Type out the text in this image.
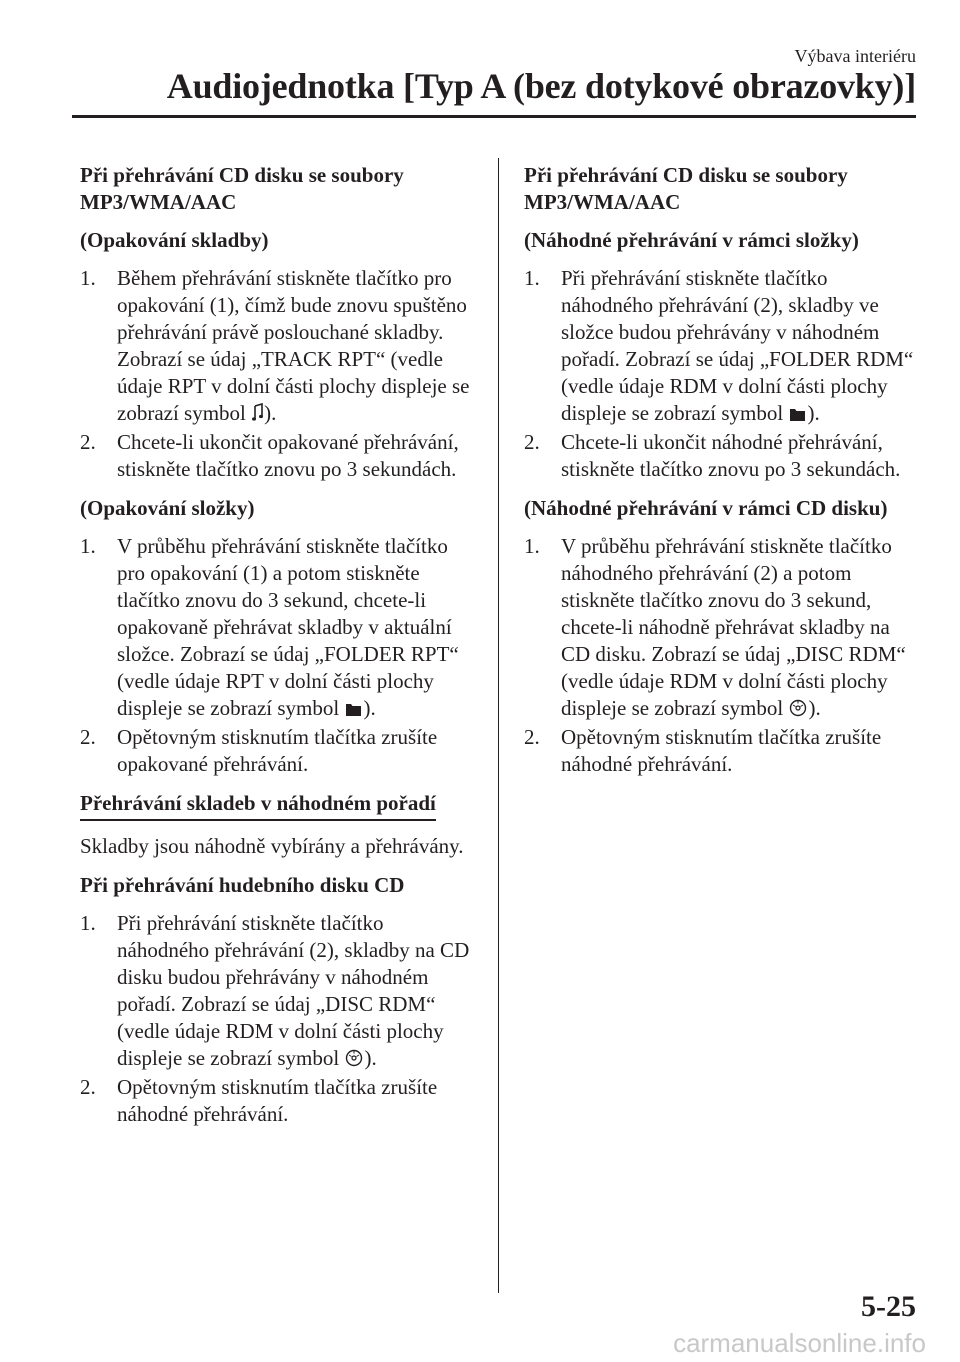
Výbava interiéru
Audiojednotka [Typ A (bez dotykové obrazovky)]
Při přehrávání CD disku se soubory MP3/WMA/AAC
(Opakování skladby)
1. Během přehrávání stiskněte tlačítko pro opakování (1), čímž bude znovu spuštěno přehrávání právě poslouchané skladby. Zobrazí se údaj „TRACK RPT“ (vedle údaje RPT v dolní části plochy displeje se zobrazí symbol ).
2. Chcete-li ukončit opakované přehrávání, stiskněte tlačítko znovu po 3 sekundách.
(Opakování složky)
1. V průběhu přehrávání stiskněte tlačítko pro opakování (1) a potom stiskněte tlačítko znovu do 3 sekund, chcete-li opakovaně přehrávat skladby v aktuální složce. Zobrazí se údaj „FOLDER RPT“ (vedle údaje RPT v dolní části plochy displeje se zobrazí symbol ).
2. Opětovným stisknutím tlačítka zrušíte opakované přehrávání.
Přehrávání skladeb v náhodném pořadí
Skladby jsou náhodně vybírány a přehrávány.
Při přehrávání hudebního disku CD
1. Při přehrávání stiskněte tlačítko náhodného přehrávání (2), skladby na CD disku budou přehrávány v náhodném pořadí. Zobrazí se údaj „DISC RDM“ (vedle údaje RDM v dolní části plochy displeje se zobrazí symbol ).
2. Opětovným stisknutím tlačítka zrušíte náhodné přehrávání.
Při přehrávání CD disku se soubory MP3/WMA/AAC
(Náhodné přehrávání v rámci složky)
1. Při přehrávání stiskněte tlačítko náhodného přehrávání (2), skladby ve složce budou přehrávány v náhodném pořadí. Zobrazí se údaj „FOLDER RDM“ (vedle údaje RDM v dolní části plochy displeje se zobrazí symbol ).
2. Chcete-li ukončit náhodné přehrávání, stiskněte tlačítko znovu po 3 sekundách.
(Náhodné přehrávání v rámci CD disku)
1. V průběhu přehrávání stiskněte tlačítko náhodného přehrávání (2) a potom stiskněte tlačítko znovu do 3 sekund, chcete-li náhodně přehrávat skladby na CD disku. Zobrazí se údaj „DISC RDM“ (vedle údaje RDM v dolní části plochy displeje se zobrazí symbol ).
2. Opětovným stisknutím tlačítka zrušíte náhodné přehrávání.
5-25
carmanualsonline.info
